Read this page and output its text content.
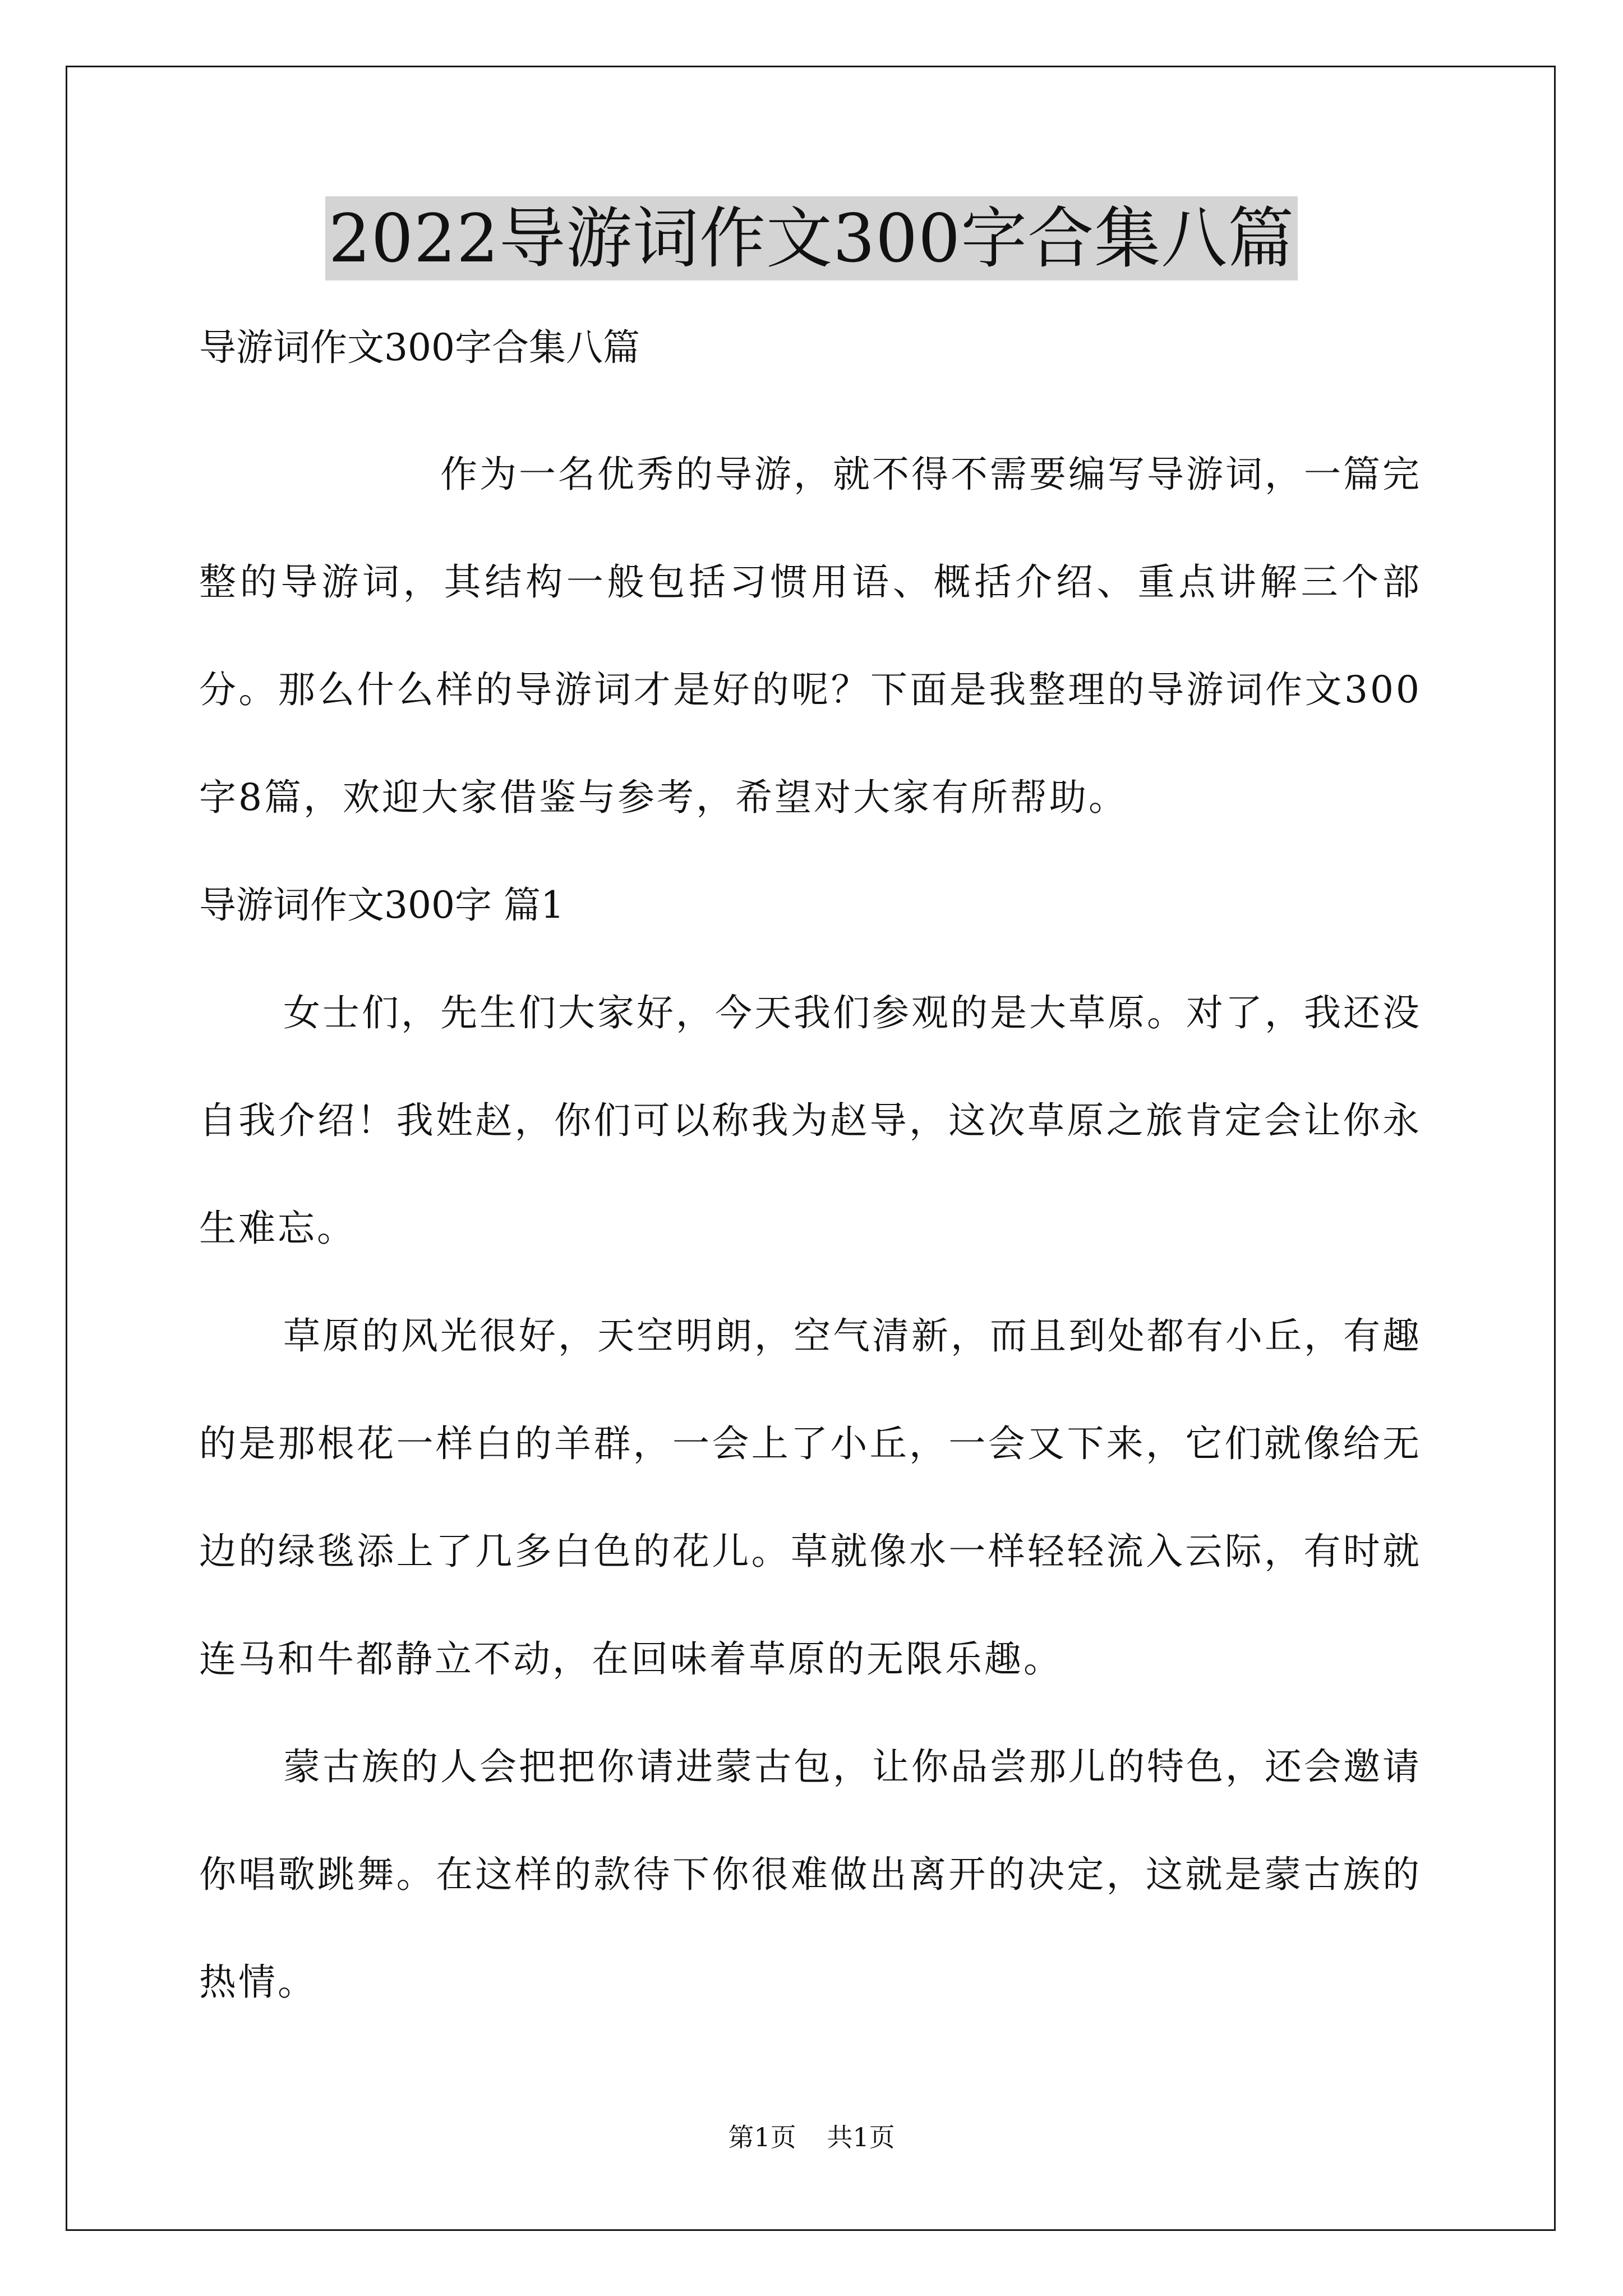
2022导游词作文300字合集八篇

导游词作文300字合集八篇

作为一名优秀的导游，就不得不需要编写导游词，一篇完整的导游词，其结构一般包括习惯用语、概括介绍、重点讲解三个部分。那么什么样的导游词才是好的呢？下面是我整理的导游词作文300字8篇，欢迎大家借鉴与参考，希望对大家有所帮助。

导游词作文300字 篇1

女士们，先生们大家好，今天我们参观的是大草原。对了，我还没自我介绍！我姓赵，你们可以称我为赵导，这次草原之旅肯定会让你永生难忘。

草原的风光很好，天空明朗，空气清新，而且到处都有小丘，有趣的是那根花一样白的羊群，一会上了小丘，一会又下来，它们就像给无边的绿毯添上了几多白色的花儿。草就像水一样轻轻流入云际，有时就连马和牛都静立不动，在回味着草原的无限乐趣。

蒙古族的人会把把你请进蒙古包，让你品尝那儿的特色，还会邀请你唱歌跳舞。在这样的款待下你很难做出离开的决定，这就是蒙古族的热情。

第1页 共1页
